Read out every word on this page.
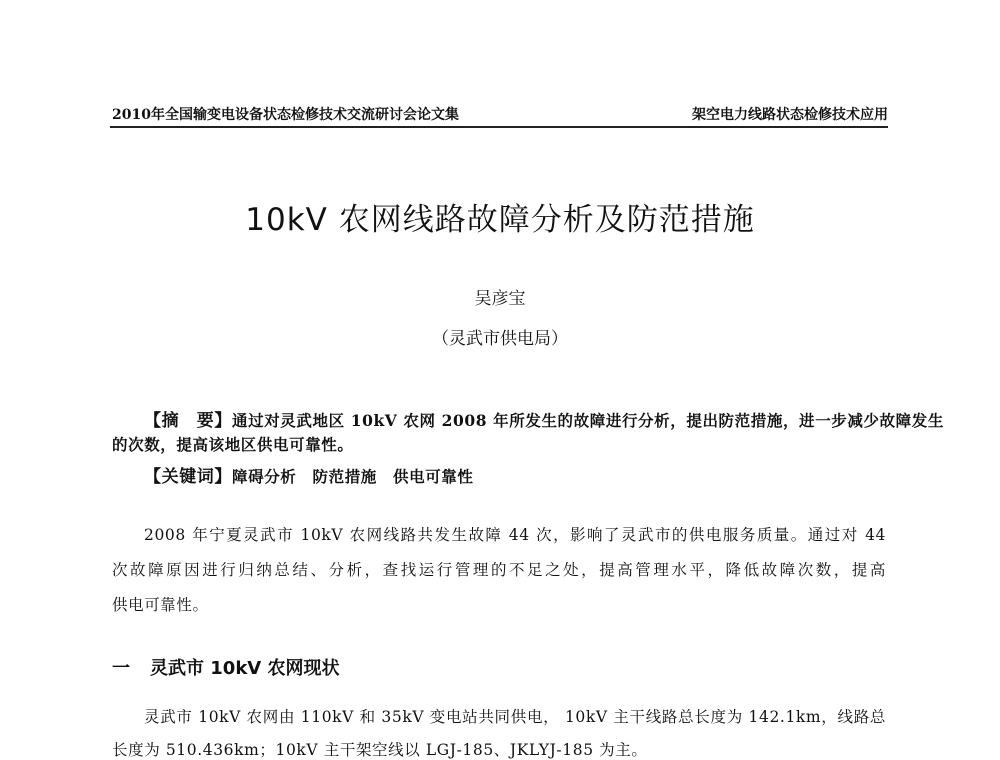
2010年全国输变电设备状态检修技术交流研讨会论文集	架空电力线路状态检修技术应用
10kV 农网线路故障分析及防范措施
吴彦宝
（灵武市供电局）
【摘　要】通过对灵武地区 10kV 农网 2008 年所发生的故障进行分析，提出防范措施，进一步减少故障发生
的次数，提高该地区供电可靠性。
【关键词】障碍分析　防范措施　供电可靠性
2008 年宁夏灵武市 10kV 农网线路共发生故障 44 次，影响了灵武市的供电服务质量。通过对 44
次故障原因进行归纳总结、分析，查找运行管理的不足之处，提高管理水平，降低故障次数，提高
供电可靠性。
一 灵武市 10kV 农网现状
灵武市 10kV 农网由 110kV 和 35kV 变电站共同供电， 10kV 主干线路总长度为 142.1km，线路总
长度为 510.436km；10kV 主干架空线以 LGJ-185、JKLYJ-185 为主。
